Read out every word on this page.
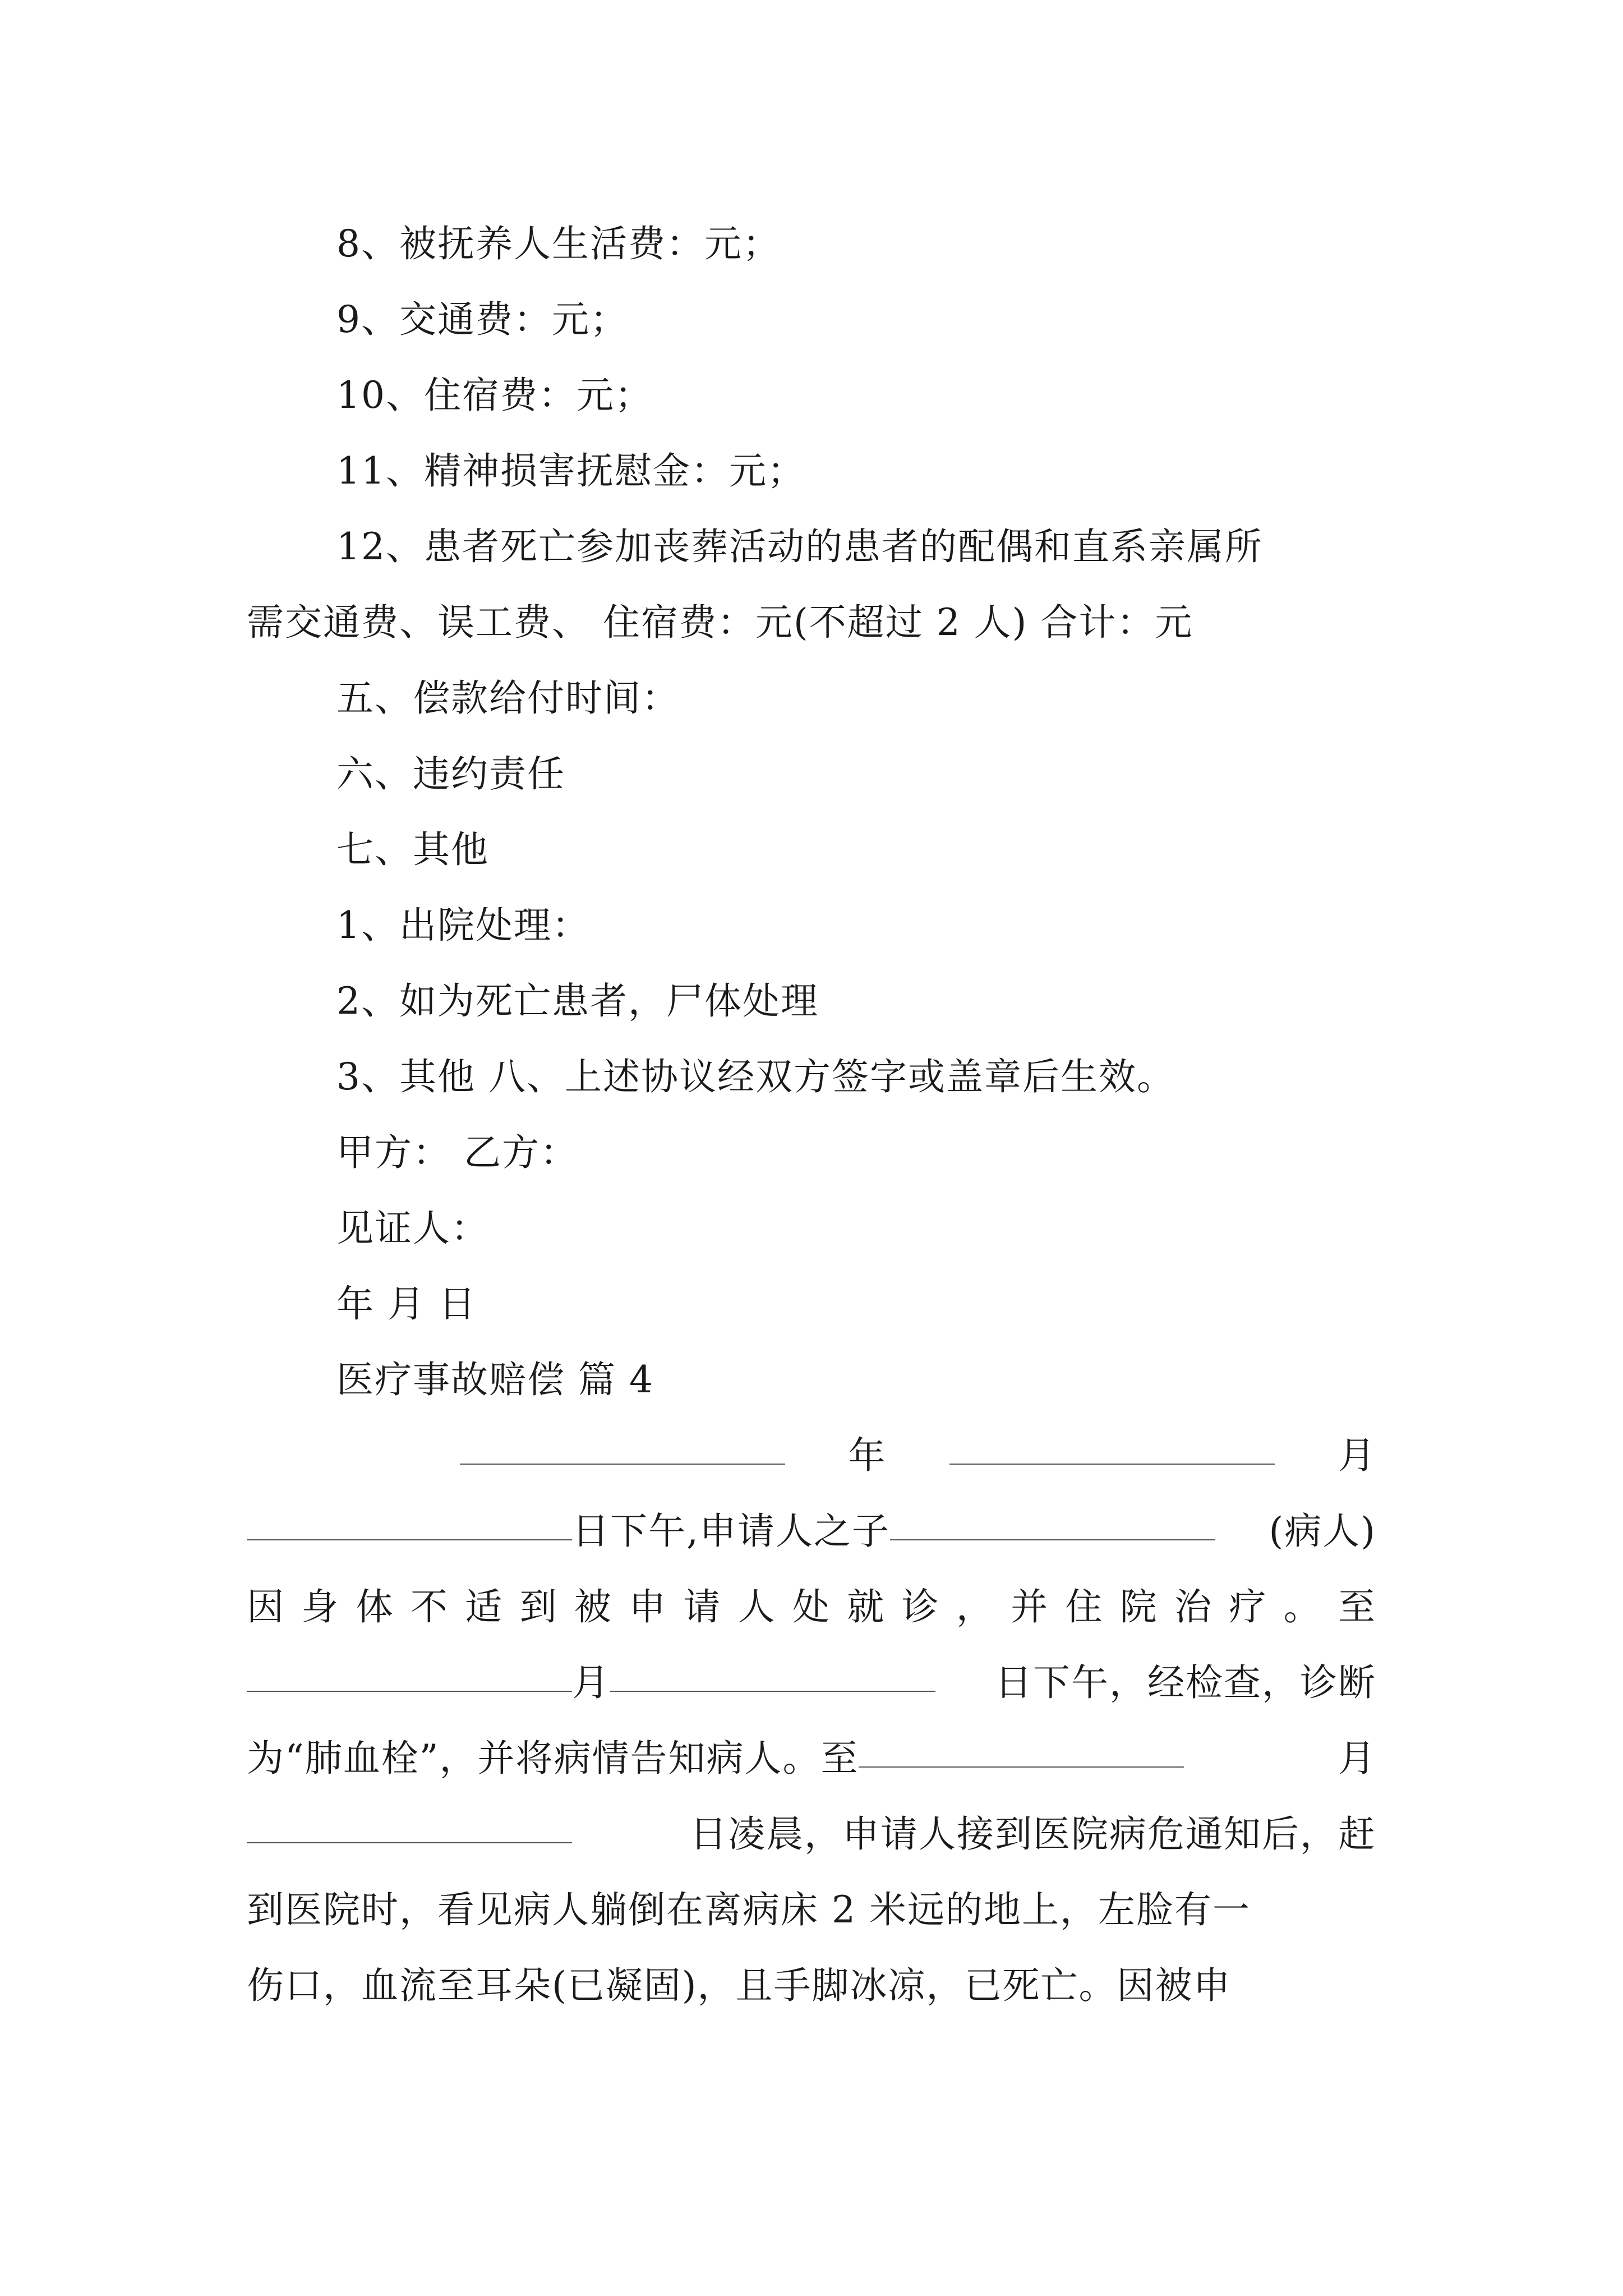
8、被抚养人生活费：元；
9、交通费：元；
10、住宿费：元；
11、精神损害抚慰金：元；
12、患者死亡参加丧葬活动的患者的配偶和直系亲属所
需交通费、误工费、 住宿费：元(不超过 2 人) 合计：元
五、偿款给付时间：
六、违约责任
七、其他
1、出院处理：
2、如为死亡患者，尸体处理
3、其他 八、上述协议经双方签字或盖章后生效。
甲方： 乙方：
见证人：
年 月 日
医疗事故赔偿 篇 4
年	月
日下午,申请人之子	(病人)
因 身 体 不 适 到 被 申 请 人 处 就 诊 ， 并 住 院 治 疗 。 至
月	日下午，经检查，诊断
为“肺血栓”，并将病情告知病人。至	月
日凌晨，申请人接到医院病危通知后，赶
到医院时，看见病人躺倒在离病床 2 米远的地上，左脸有一
伤口，血流至耳朵(已凝固)，且手脚冰凉，已死亡。因被申
